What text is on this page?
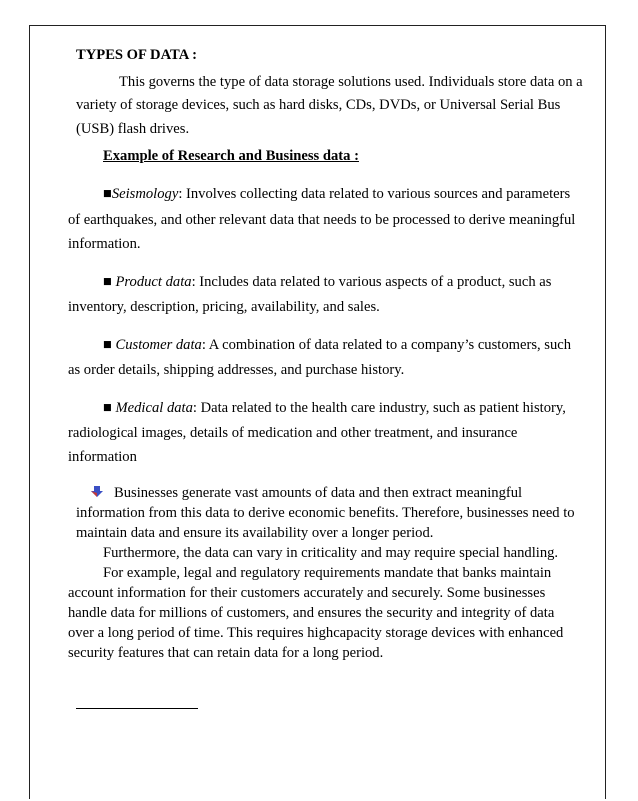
TYPES OF DATA :

This governs the type of data storage solutions used. Individuals store data on a

variety of storage devices, such as hard disks, CDs, DVDs, or Universal Serial Bus

(USB) flash drives.

Example of Research and Business data :

■Seismology: Involves collecting data related to various sources and parameters

of earthquakes, and other relevant data that needs to be processed to derive meaningful

information.

■ Product data: Includes data related to various aspects of a product, such as

inventory, description, pricing, availability, and sales.

■ Customer data: A combination of data related to a company’s customers, such

as order details, shipping addresses, and purchase history.

■ Medical data: Data related to the health care industry, such as patient history,

radiological images, details of medication and other treatment, and insurance

information

Businesses generate vast amounts of data and then extract meaningful

information from this data to derive economic benefits. Therefore, businesses need to

maintain data and ensure its availability over a longer period.

Furthermore, the data can vary in criticality and may require special handling.

For example, legal and regulatory requirements mandate that banks maintain

account information for their customers accurately and securely. Some businesses

handle data for millions of customers, and ensures the security and integrity of data

over a long period of time. This requires highcapacity storage devices with enhanced

security features that can retain data for a long period.
